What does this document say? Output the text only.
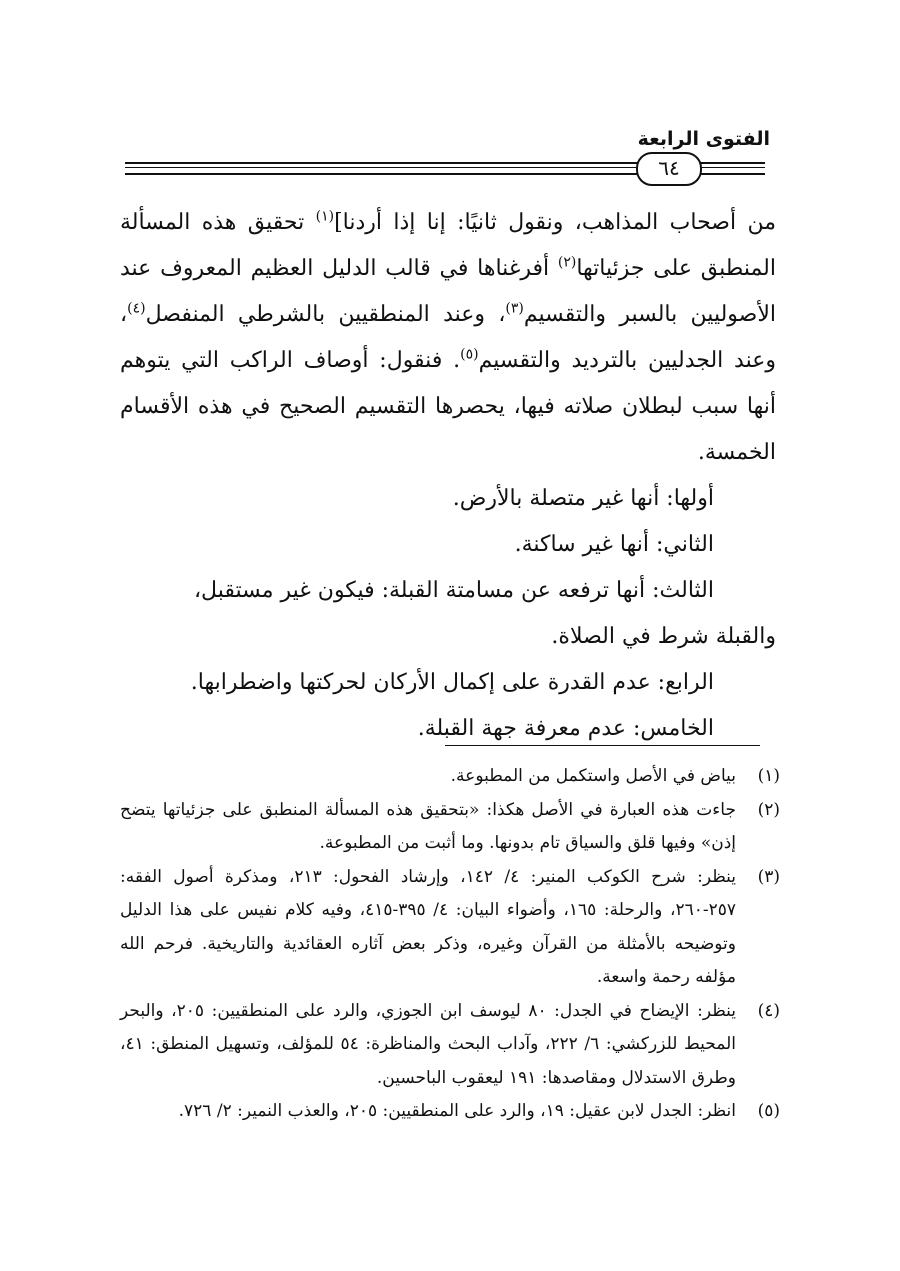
الفتوى الرابعة
٦٤

من أصحاب المذاهب، ونقول ثانيًا: إنا إذا أردنا]$^{(١)}$ تحقيق هذه المسألة المنطبق على جزئياتها$^{(٢)}$ أفرغناها في قالب الدليل العظيم المعروف عند الأصوليين بالسبر والتقسيم$^{(٣)}$، وعند المنطقيين بالشرطي المنفصل$^{(٤)}$، وعند الجدليين بالترديد والتقسيم$^{(٥)}$. فنقول: أوصاف الراكب التي يتوهم أنها سبب لبطلان صلاته فيها، يحصرها التقسيم الصحيح في هذه الأقسام الخمسة.

أولها: أنها غير متصلة بالأرض.

الثاني: أنها غير ساكنة.

الثالث: أنها ترفعه عن مسامتة القبلة: فيكون غير مستقبل،

والقبلة شرط في الصلاة.

الرابع: عدم القدرة على إكمال الأركان لحركتها واضطرابها.

الخامس: عدم معرفة جهة القبلة.

(١)
بياض في الأصل واستكمل من المطبوعة.
(٢)
جاءت هذه العبارة في الأصل هكذا: «بتحقيق هذه المسألة المنطبق على جزئياتها يتضح إذن» وفيها قلق والسياق تام بدونها. وما أثبت من المطبوعة.
(٣)
ينظر: شرح الكوكب المنير: ٤/ ١٤٢، وإرشاد الفحول: ٢١٣، ومذكرة أصول الفقه: ٢٥٧-٢٦٠، والرحلة: ١٦٥، وأضواء البيان: ٤/ ٣٩٥-٤١٥، وفيه كلام نفيس على هذا الدليل وتوضيحه بالأمثلة من القرآن وغيره، وذكر بعض آثاره العقائدية والتاريخية. فرحم الله مؤلفه رحمة واسعة.
(٤)
ينظر: الإيضاح في الجدل: ٨٠ ليوسف ابن الجوزي، والرد على المنطقيين: ٢٠٥، والبحر المحيط للزركشي: ٦/ ٢٢٢، وآداب البحث والمناظرة: ٥٤ للمؤلف، وتسهيل المنطق: ٤١، وطرق الاستدلال ومقاصدها: ١٩١ ليعقوب الباحسين.
(٥)
انظر: الجدل لابن عقيل: ١٩، والرد على المنطقيين: ٢٠٥، والعذب النمير: ٢/ ٧٢٦.
